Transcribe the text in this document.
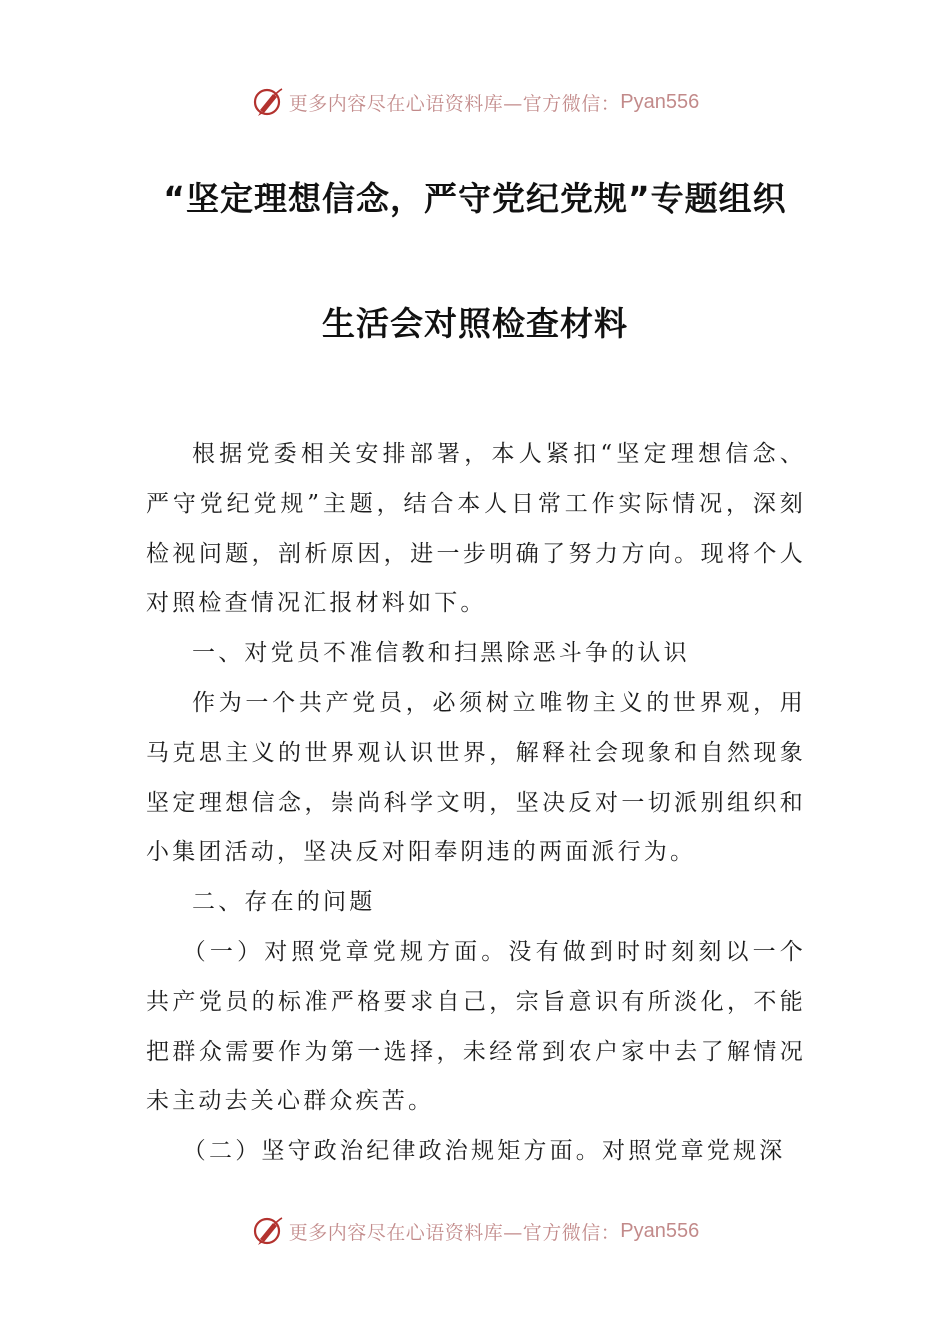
更多内容尽在心语资料库—官方微信： Pyan556
“坚定理想信念，严守党纪党规”专题组织
生活会对照检查材料

根据党委相关安排部署，本人紧扣“坚定理想信念、严守党纪党规”主题，结合本人日常工作实际情况，深刻检视问题，剖析原因，进一步明确了努力方向。现将个人对照检查情况汇报材料如下。

一、对党员不准信教和扫黑除恶斗争的认识

作为一个共产党员，必须树立唯物主义的世界观，用马克思主义的世界观认识世界，解释社会现象和自然现象坚定理想信念，崇尚科学文明，坚决反对一切派别组织和小集团活动，坚决反对阳奉阴违的两面派行为。

二、存在的问题

（一）对照党章党规方面。没有做到时时刻刻以一个共产党员的标准严格要求自己，宗旨意识有所淡化，不能把群众需要作为第一选择，未经常到农户家中去了解情况未主动去关心群众疾苦。

（二）坚守政治纪律政治规矩方面。对照党章党规深

更多内容尽在心语资料库—官方微信： Pyan556
